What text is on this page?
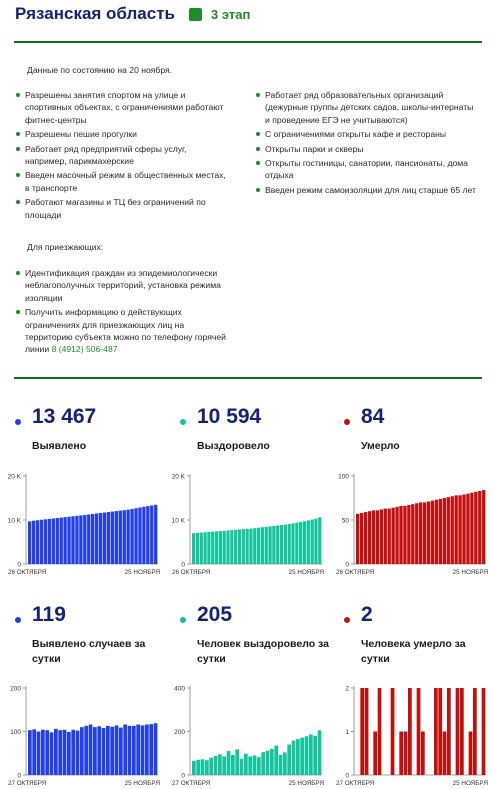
Рязанская область	3 этап
Данные по состоянию на 20 ноября.
Разрешены занятия спортом на улице и спортивных объектах, с ограничениями работают фитнес-центры
Разрешены пешие прогулки
Работает ряд предприятий сферы услуг, например, парикмахерские
Введен масочный режим в общественных местах, в транспорте
Работают магазины и ТЦ без ограничений по площади
Работает ряд образовательных организаций (дежурные группы детских садов, школы-интернаты и проведение ЕГЭ не учитываются)
С ограничениями открыты кафе и рестораны
Открыты парки и скверы
Открыты гостиницы, санатории, пансионаты, дома отдыха
Введен режим самоизоляции для лиц старше 65 лет
Для приезжающих:
Идентификация граждан из эпидемиологически неблагополучных территорий, установка режима изоляции
Получить информацию о действующих ограничениях для приезжающих лиц на территорию субъекта можно по телефону горячей линии 8 (4912) 506-487
13 467
Выявлено
10 594
Выздоровело
84
Умерло
0
10 K
20 K
26 ОКТЯБРЯ	25 НОЯБРЯ
0
10 K
20 K
26 ОКТЯБРЯ	25 НОЯБРЯ
0
50
100
26 ОКТЯБРЯ	25 НОЯБРЯ
119
Выявлено случаев за сутки
205
Человек выздоровело за сутки
2
Человека умерло за сутки
0
100
200
27 ОКТЯБРЯ	25 НОЯБРЯ
0
200
400
27 ОКТЯБРЯ	25 НОЯБРЯ
0
1
2
27 ОКТЯБРЯ	25 НОЯБРЯ
